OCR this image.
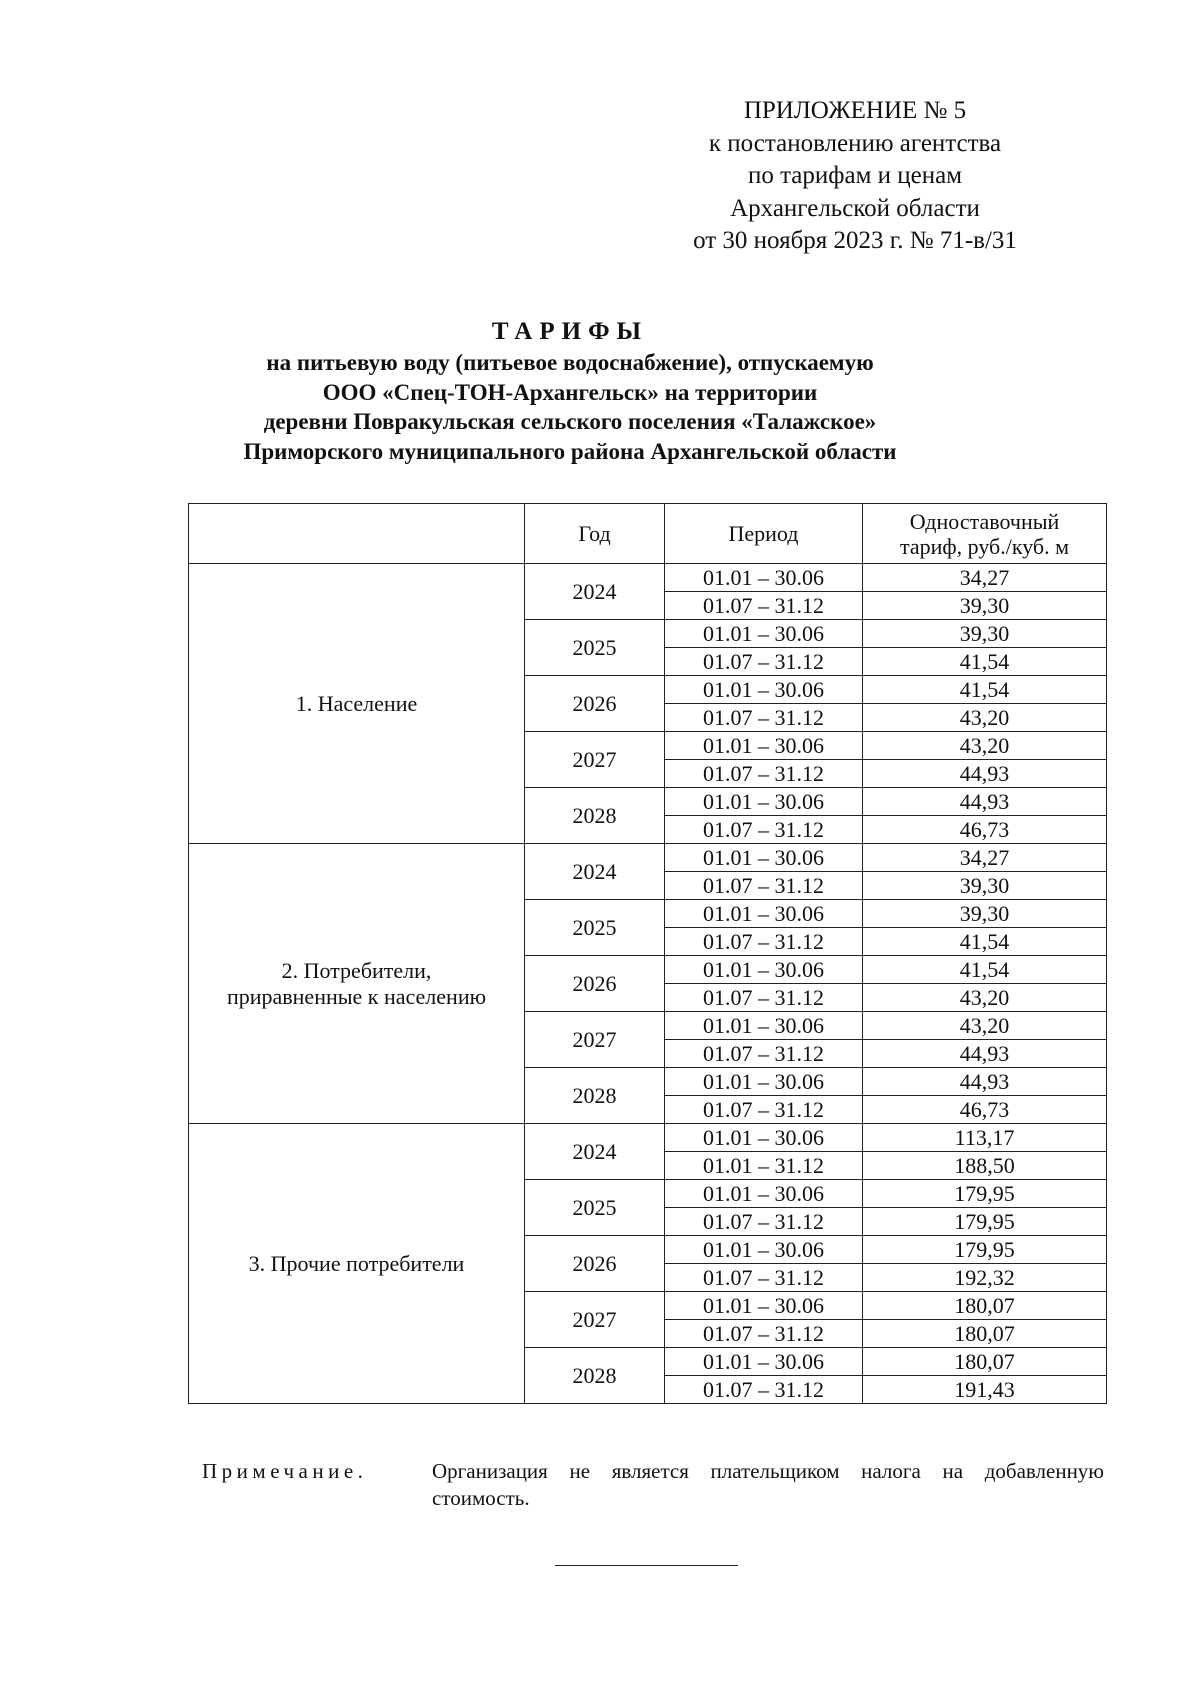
ПРИЛОЖЕНИЕ № 5
к постановлению агентства
по тарифам и ценам
Архангельской области
от 30 ноября 2023 г. № 71-в/31
ТАРИФЫ
на питьевую воду (питьевое водоснабжение), отпускаемую
ООО «Спец-ТОН-Архангельск» на территории
деревни Повракульская сельского поселения «Талажское»
Приморского муниципального района Архангельской области
	Год	Период	Одноставочный
тариф, руб./куб. м

1. Население	2024	01.01 – 30.06	34,27
		01.07 – 31.12	39,30
	2025	01.01 – 30.06	39,30
		01.07 – 31.12	41,54
	2026	01.01 – 30.06	41,54
		01.07 – 31.12	43,20
	2027	01.01 – 30.06	43,20
		01.07 – 31.12	44,93
	2028	01.01 – 30.06	44,93
		01.07 – 31.12	46,73

2. Потребители,
приравненные к населению	2024	01.01 – 30.06	34,27
		01.07 – 31.12	39,30
	2025	01.01 – 30.06	39,30
		01.07 – 31.12	41,54
	2026	01.01 – 30.06	41,54
		01.07 – 31.12	43,20
	2027	01.01 – 30.06	43,20
		01.07 – 31.12	44,93
	2028	01.01 – 30.06	44,93
		01.07 – 31.12	46,73

3. Прочие потребители	2024	01.01 – 30.06	113,17
		01.01 – 31.12	188,50
	2025	01.01 – 30.06	179,95
		01.07 – 31.12	179,95
	2026	01.01 – 30.06	179,95
		01.07 – 31.12	192,32
	2027	01.01 – 30.06	180,07
		01.07 – 31.12	180,07
	2028	01.01 – 30.06	180,07
		01.07 – 31.12	191,43
Примечание.	Организация не является плательщиком налога на добавленную стоимость.
